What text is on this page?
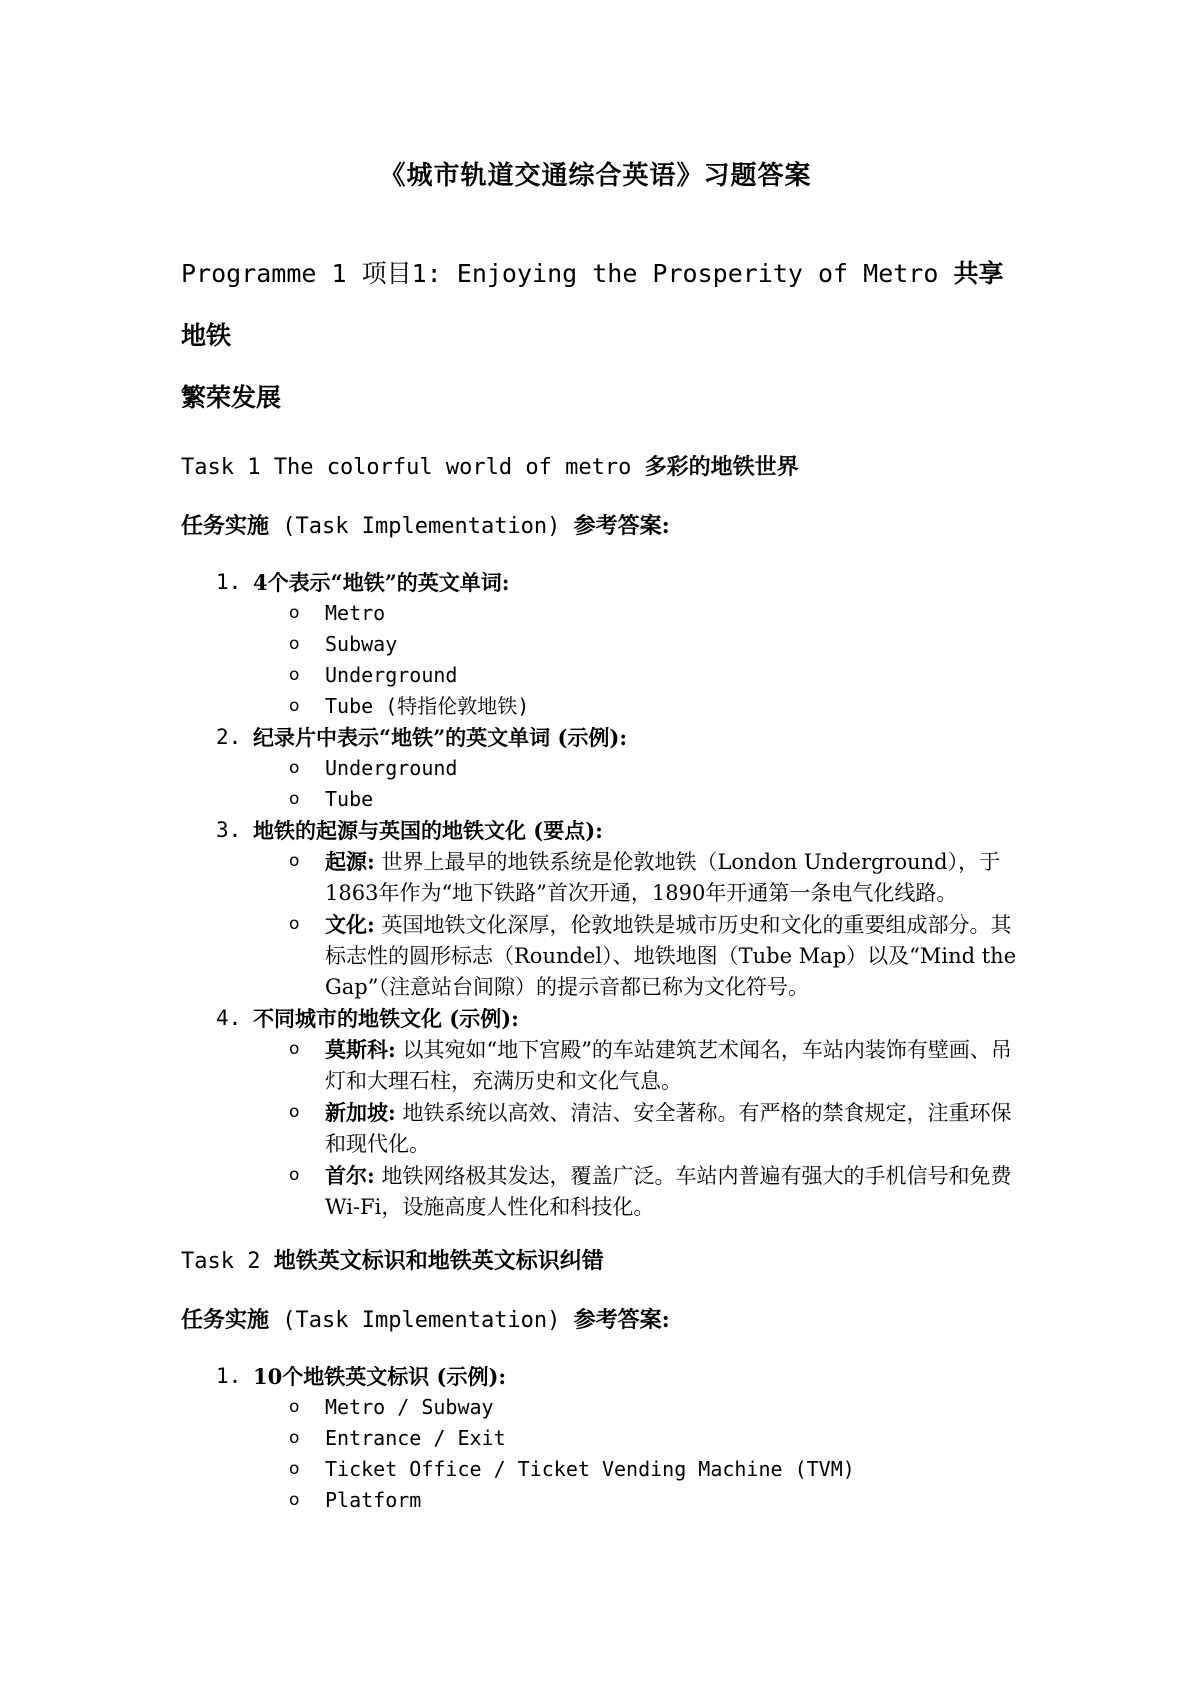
《城市轨道交通综合英语》习题答案
Programme 1 项目1: Enjoying the Prosperity of Metro 共享地铁
繁荣发展
Task 1 The colorful world of metro 多彩的地铁世界
任务实施 (Task Implementation) 参考答案:
1. 4个表示“地铁”的英文单词:
o Metro
o Subway
o Underground
o Tube (特指伦敦地铁)
2. 纪录片中表示“地铁”的英文单词 (示例):
o Underground
o Tube
3. 地铁的起源与英国的地铁文化 (要点):
o 起源: 世界上最早的地铁系统是伦敦地铁（London Underground），于1863年作为“地下铁路”首次开通，1890年开通第一条电气化线路。
o 文化: 英国地铁文化深厚，伦敦地铁是城市历史和文化的重要组成部分。其标志性的圆形标志（Roundel）、地铁地图（Tube Map）以及“Mind the Gap”（注意站台间隙）的提示音都已称为文化符号。
4. 不同城市的地铁文化 (示例):
o 莫斯科: 以其宛如“地下宫殿”的车站建筑艺术闻名，车站内装饰有壁画、吊灯和大理石柱，充满历史和文化气息。
o 新加坡: 地铁系统以高效、清洁、安全著称。有严格的禁食规定，注重环保和现代化。
o 首尔: 地铁网络极其发达，覆盖广泛。车站内普遍有强大的手机信号和免费Wi-Fi，设施高度人性化和科技化。
Task 2 地铁英文标识和地铁英文标识纠错
任务实施 (Task Implementation) 参考答案:
1. 10个地铁英文标识 (示例):
o Metro / Subway
o Entrance / Exit
o Ticket Office / Ticket Vending Machine (TVM)
o Platform
